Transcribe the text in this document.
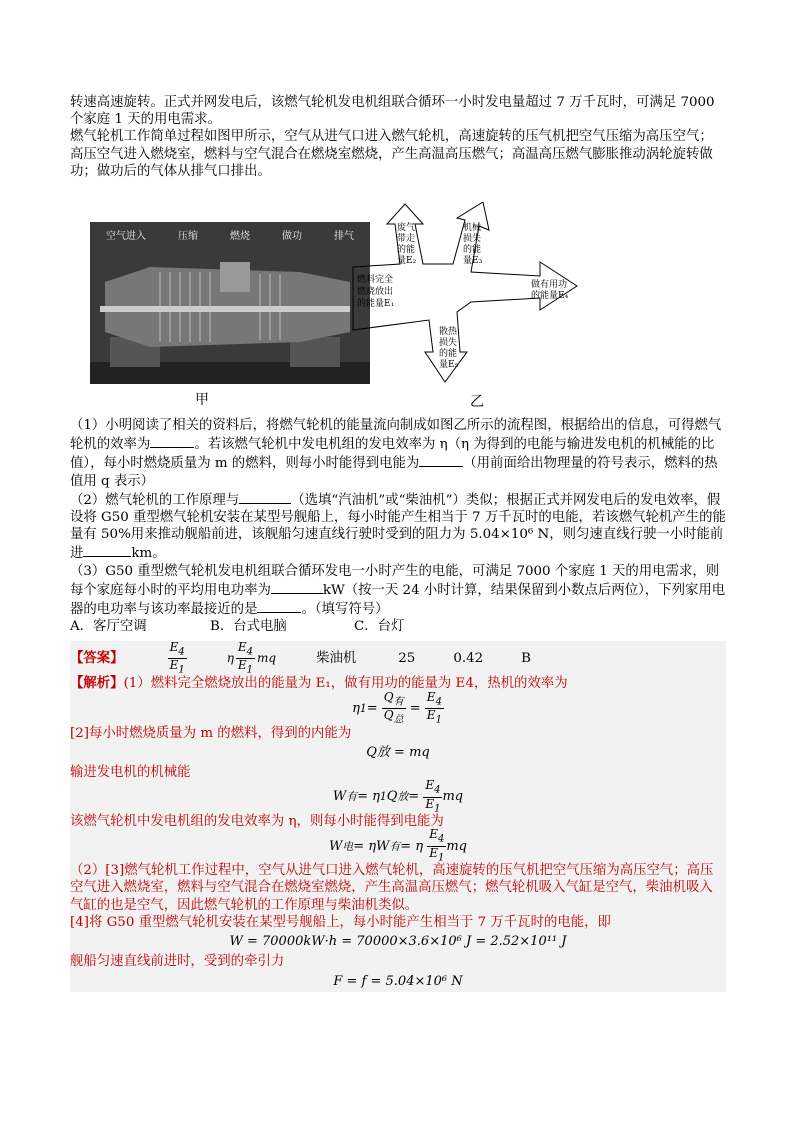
转速高速旋转。正式并网发电后，该燃气轮机发电机组联合循环一小时发电量超过 7 万千瓦时，可满足 7000 个家庭 1 天的用电需求。

燃气轮机工作简单过程如图甲所示，空气从进气口进入燃气轮机，高速旋转的压气机把空气压缩为高压空气；高压空气进入燃烧室，燃料与空气混合在燃烧室燃烧，产生高温高压燃气；高温高压燃气膨胀推动涡轮旋转做功；做功后的气体从排气口排出。

空气进入	压缩	燃烧	做功	排气
甲
燃料完全
燃烧放出
的能量E₁
废气
带走
的能
量E₂
机械
损失
的能
量E₃
做有用功
的能量E₄
散热
损失
的能
量E₅
乙

（1）小明阅读了相关的资料后，将燃气轮机的能量流向制成如图乙所示的流程图，根据给出的信息，可得燃气轮机的效率为	。若该燃气轮机中发电机组的发电效率为 η（η 为得到的电能与输进发电机的机械能的比值），每小时燃烧质量为 m 的燃料，则每小时能得到电能为	（用前面给出物理量的符号表示，燃料的热值用 q 表示）

（2）燃气轮机的工作原理与	（选填“汽油机”或“柴油机”）类似；根据正式并网发电后的发电效率，假设将 G50 重型燃气轮机安装在某型号舰船上，每小时能产生相当于 7 万千瓦时的电能，若该燃气轮机产生的能量有 50%用来推动舰船前进，该舰船匀速直线行驶时受到的阻力为 5.04×10⁶ N，则匀速直线行驶一小时能前进	km。

（3）G50 重型燃气轮机发电机组联合循环发电一小时产生的电能，可满足 7000 个家庭 1 天的用电需求，则每个家庭每小时的平均用电功率为	kW（按一天 24 小时计算，结果保留到小数点后两位），下列家用电器的电功率与该功率最接近的是	。（填写符号）

A．客厅空调	B．台式电脑	C．台灯

【答案】	$\frac{E_4}{E_1}$	η $\frac{E_4}{E_1}$ mq	柴油机	25	0.42	B

【解析】(1）燃料完全燃烧放出的能量为 E₁，做有用功的能量为 E4，热机的效率为

η $1 = \frac{Q_有}{Q_总} = \frac{E_4}{E_1}$

[2]每小时燃烧质量为 m 的燃料，得到的内能为

Q放 = mq

输进发电机的机械能

W 有 = η 1 Q 放 = $\frac{E_4}{E_1}$ mq

该燃气轮机中发电机组的发电效率为 η，则每小时能得到电能为

W 电 = ηW 有 = η $\frac{E_4}{E_1}$ mq

（2）[3]燃气轮机工作过程中，空气从进气口进入燃气轮机，高速旋转的压气机把空气压缩为高压空气；高压空气进入燃烧室，燃料与空气混合在燃烧室燃烧，产生高温高压燃气；燃气轮机吸入气缸是空气，柴油机吸入气缸的也是空气，因此燃气轮机的工作原理与柴油机类似。

[4]将 G50 重型燃气轮机安装在某型号舰船上，每小时能产生相当于 7 万千瓦时的电能，即

W = 70000kW·h = 70000×3.6×10⁶ J = 2.52×10¹¹ J

舰船匀速直线前进时，受到的牵引力

F = f = 5.04×10⁶ N
